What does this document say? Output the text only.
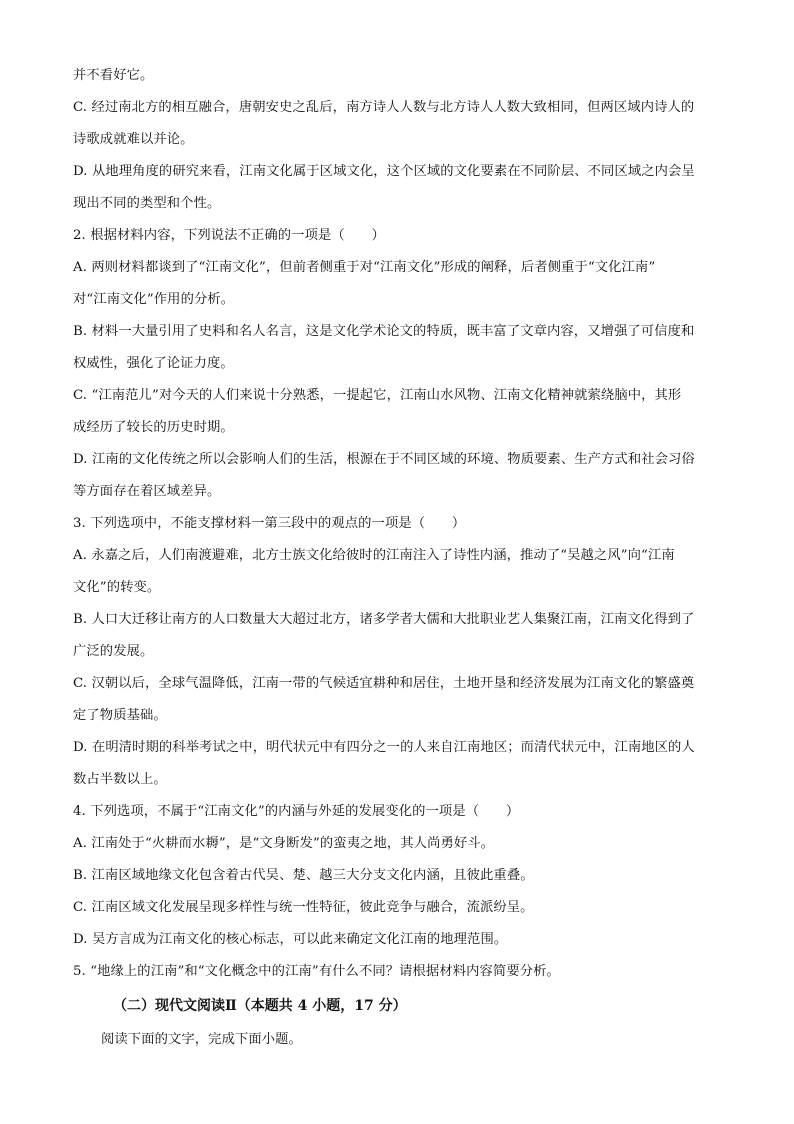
并不看好它。
C. 经过南北方的相互融合，唐朝安史之乱后，南方诗人人数与北方诗人人数大致相同，但两区域内诗人的
诗歌成就难以并论。
D. 从地理角度的研究来看，江南文化属于区域文化，这个区域的文化要素在不同阶层、不同区域之内会呈
现出不同的类型和个性。
2. 根据材料内容，下列说法不正确的一项是（　　）
A. 两则材料都谈到了“江南文化”，但前者侧重于对“江南文化”形成的阐释，后者侧重于“文化江南”
对“江南文化”作用的分析。
B. 材料一大量引用了史料和名人名言，这是文化学术论文的特质，既丰富了文章内容，又增强了可信度和
权威性，强化了论证力度。
C. “江南范儿”对今天的人们来说十分熟悉，一提起它，江南山水风物、江南文化精神就萦绕脑中，其形
成经历了较长的历史时期。
D. 江南的文化传统之所以会影响人们的生活，根源在于不同区域的环境、物质要素、生产方式和社会习俗
等方面存在着区域差异。
3. 下列选项中，不能支撑材料一第三段中的观点的一项是（　　）
A. 永嘉之后，人们南渡避难，北方士族文化给彼时的江南注入了诗性内涵，推动了“吴越之风”向“江南
文化”的转变。
B. 人口大迁移让南方的人口数量大大超过北方，诸多学者大儒和大批职业艺人集聚江南，江南文化得到了
广泛的发展。
C. 汉朝以后，全球气温降低，江南一带的气候适宜耕种和居住，土地开垦和经济发展为江南文化的繁盛奠
定了物质基础。
D. 在明清时期的科举考试之中，明代状元中有四分之一的人来自江南地区；而清代状元中，江南地区的人
数占半数以上。
4. 下列选项，不属于“江南文化”的内涵与外延的发展变化的一项是（　　）
A. 江南处于“火耕而水耨”，是“文身断发”的蛮夷之地，其人尚勇好斗。
B. 江南区域地缘文化包含着古代吴、楚、越三大分支文化内涵，且彼此重叠。
C. 江南区域文化发展呈现多样性与统一性特征，彼此竞争与融合，流派纷呈。
D. 吴方言成为江南文化的核心标志，可以此来确定文化江南的地理范围。
5. “地缘上的江南”和“文化概念中的江南”有什么不同？请根据材料内容简要分析。
（二）现代文阅读Ⅱ（本题共 4 小题，17 分）
阅读下面的文字，完成下面小题。
